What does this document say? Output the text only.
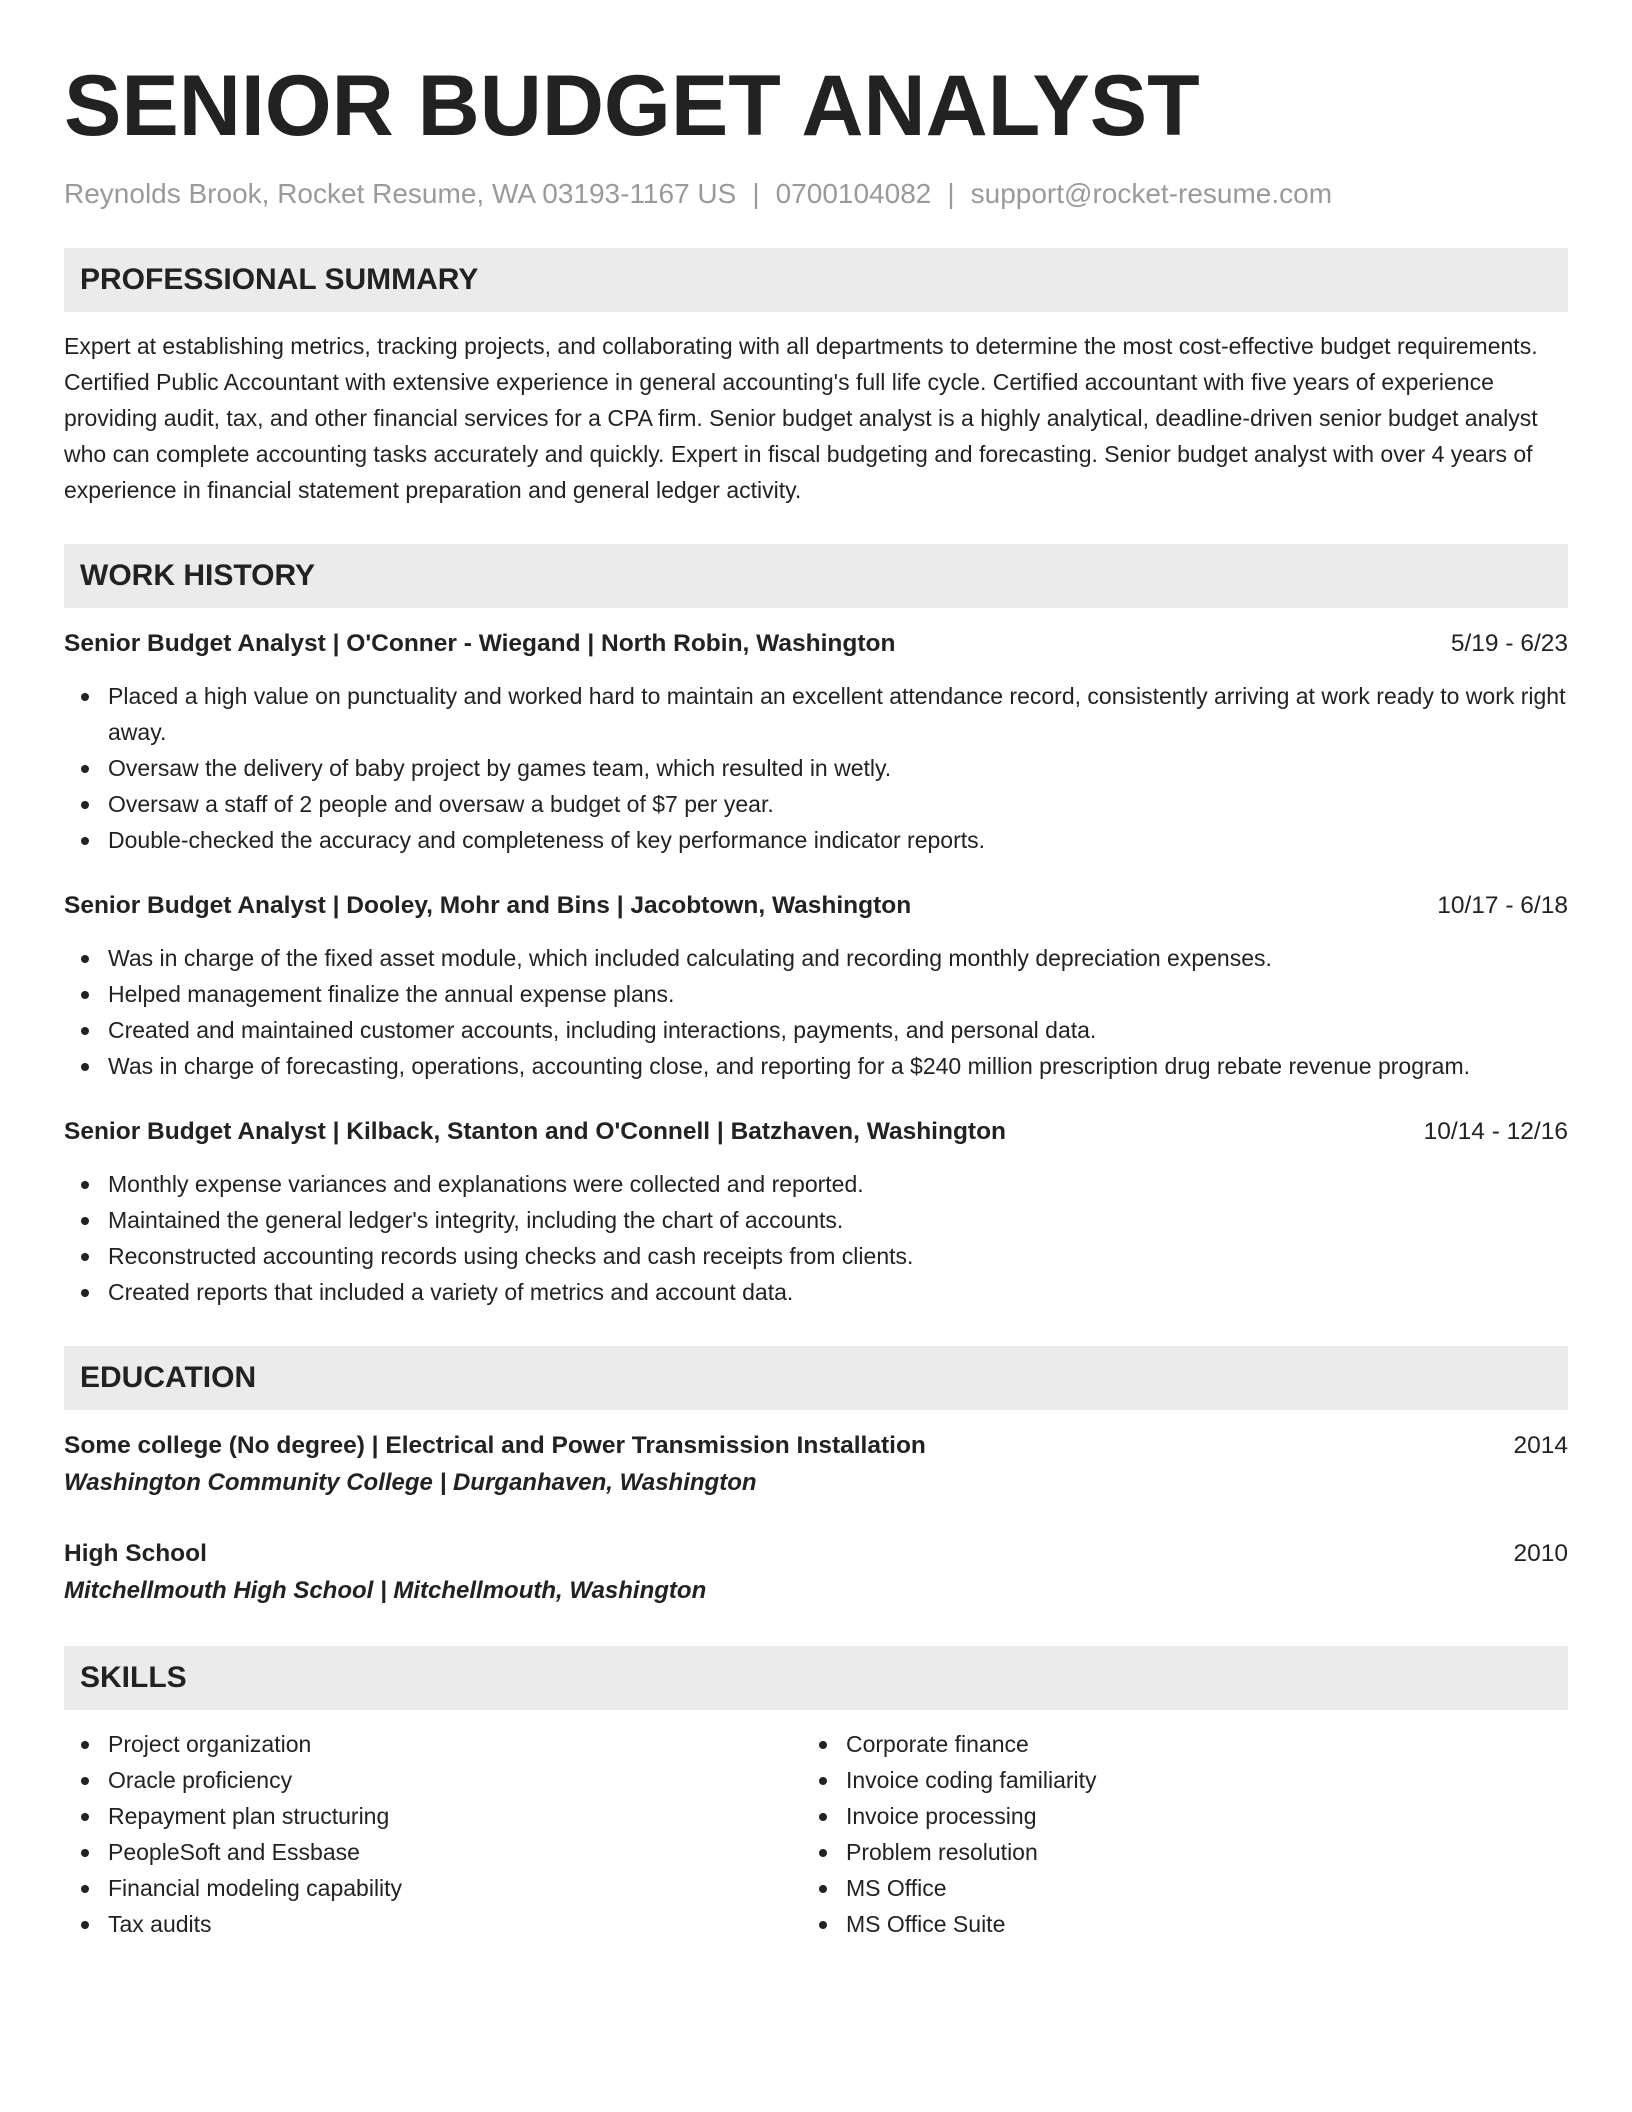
SENIOR BUDGET ANALYST
Reynolds Brook, Rocket Resume, WA 03193-1167 US | 0700104082 | support@rocket-resume.com
PROFESSIONAL SUMMARY

Expert at establishing metrics, tracking projects, and collaborating with all departments to determine the most cost-effective budget requirements. Certified Public Accountant with extensive experience in general accounting's full life cycle. Certified accountant with five years of experience providing audit, tax, and other financial services for a CPA firm. Senior budget analyst is a highly analytical, deadline-driven senior budget analyst who can complete accounting tasks accurately and quickly. Expert in fiscal budgeting and forecasting. Senior budget analyst with over 4 years of experience in financial statement preparation and general ledger activity.

WORK HISTORY
Senior Budget Analyst | O'Conner - Wiegand | North Robin, Washington	5/19 - 6/23
Placed a high value on punctuality and worked hard to maintain an excellent attendance record, consistently arriving at work ready to work right away.
Oversaw the delivery of baby project by games team, which resulted in wetly.
Oversaw a staff of 2 people and oversaw a budget of $7 per year.
Double-checked the accuracy and completeness of key performance indicator reports.
Senior Budget Analyst | Dooley, Mohr and Bins | Jacobtown, Washington	10/17 - 6/18
Was in charge of the fixed asset module, which included calculating and recording monthly depreciation expenses.
Helped management finalize the annual expense plans.
Created and maintained customer accounts, including interactions, payments, and personal data.
Was in charge of forecasting, operations, accounting close, and reporting for a $240 million prescription drug rebate revenue program.
Senior Budget Analyst | Kilback, Stanton and O'Connell | Batzhaven, Washington	10/14 - 12/16
Monthly expense variances and explanations were collected and reported.
Maintained the general ledger's integrity, including the chart of accounts.
Reconstructed accounting records using checks and cash receipts from clients.
Created reports that included a variety of metrics and account data.
EDUCATION
Some college (No degree) | Electrical and Power Transmission Installation	2014
Washington Community College | Durganhaven, Washington
High School	2010
Mitchellmouth High School | Mitchellmouth, Washington
SKILLS
Project organization
Oracle proficiency
Repayment plan structuring
PeopleSoft and Essbase
Financial modeling capability
Tax audits
Corporate finance
Invoice coding familiarity
Invoice processing
Problem resolution
MS Office
MS Office Suite
